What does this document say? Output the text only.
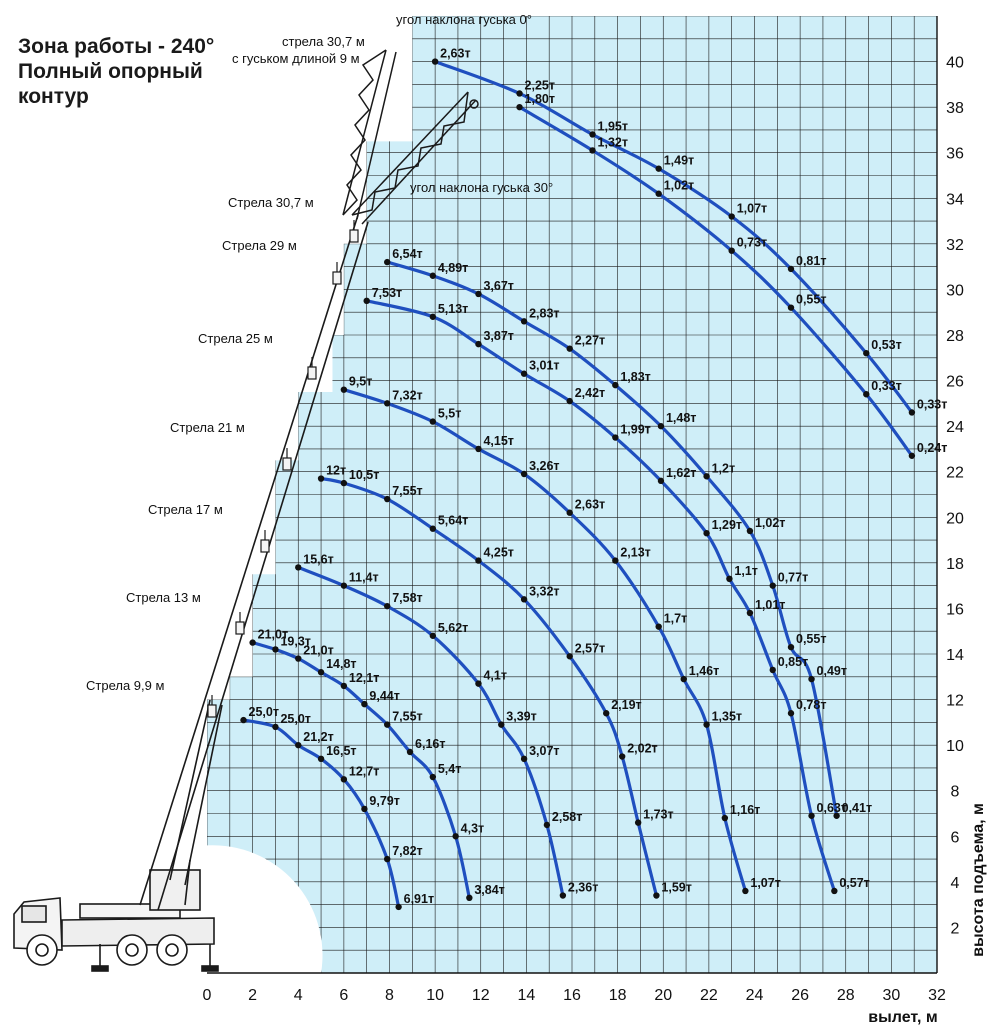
Зона работы - 240°
Полный опорный
контур
0 2 4 6 8 10 12 14 16 18 20 22 24 26 28 30 32
2
4
6
8
10
12
14
16
18
20
22
24
26
28
30
32
34
36
38
40
вылет, м
высота подъема, м
2,63т
2,25т
1,95т
1,49т
1,07т
0,81т
0,53т
0,33т
1,80т
1,32т
1,02т
0,73т
0,55т
0,33т
0,24т
6,54т
4,89т
3,67т
2,83т
2,27т
1,83т
1,48т
1,2т
1,02т
0,77т
0,55т
0,49т
0,41т
7,53т
5,13т
3,87т
3,01т
2,42т
1,99т
1,62т
1,29т
1,1т
1,01т
0,85т
0,78т
0,63т
0,57т
9,5т
7,32т
5,5т
4,15т
3,26т
2,63т
2,13т
1,7т
1,46т
1,35т
1,16т
1,07т
12т 10,5т
7,55т
5,64т
4,25т
3,32т
2,57т
2,19т
2,02т
1,73т
1,59т
15,6т
11,4т
7,58т
5,62т
4,1т
3,39т
3,07т
2,58т
2,36т
21,0т
19,3т
21,0т
14,8т
12,1т
9,44т
7,55т
6,16т
5,4т
4,3т
3,84т
25,0т 25,0т
21,2т
16,5т
12,7т
9,79т
7,82т
6,91т
Стрела 30,7 м
Стрела 29 м
Стрела 25 м
Стрела 21 м
Стрела 17 м
Стрела 13 м
Стрела 9,9 м
угол наклона гуська 0°
угол наклона гуська 30°
стрела 30,7 м
с гуськом длиной 9 м
